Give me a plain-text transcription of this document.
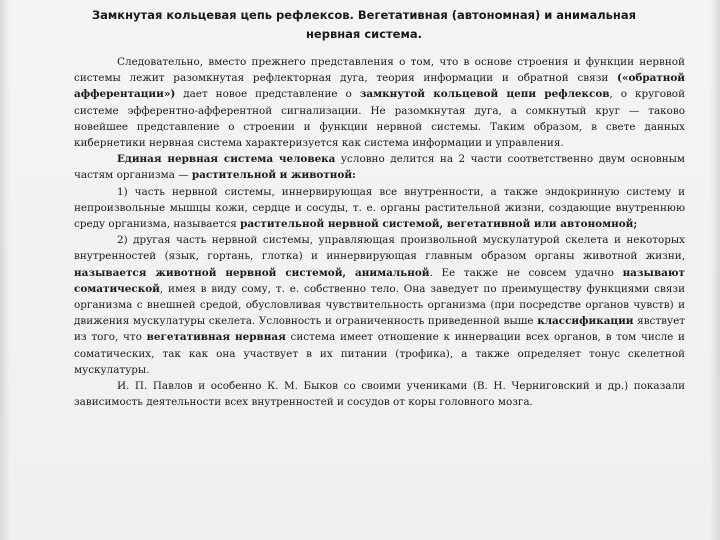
Замкнутая кольцевая цепь рефлексов. Вегетативная (автономная) и анимальная нервная система.

Следовательно, вместо прежнего представления о том, что в основе строения и функции нервной системы лежит разомкнутая рефлекторная дуга, теория информации и обратной связи («обратной афферентации») дает новое представление о замкнутой кольцевой цепи рефлексов, о круговой системе эфферентно-афферентной сигнализации. Не разомкнутая дуга, а сомкнутый круг — таково новейшее представление о строении и функции нервной системы. Таким образом, в свете данных кибернетики нервная система характеризуется как система информации и управления.

Единая нервная система человека условно делится на 2 части соответственно двум основным частям организма — растительной и животной:

1) часть нервной системы, иннервирующая все внутренности, а также эндокринную систему и непроизвольные мышцы кожи, сердце и сосуды, т. е. органы растительной жизни, создающие внутреннюю среду организма, называется растительной нервной системой, вегетативной или автономной;

2) другая часть нервной системы, управляющая произвольной мускулатурой скелета и некоторых внутренностей (язык, гортань, глотка) и иннервирующая главным образом органы животной жизни, называется животной нервной системой, анимальной. Ее также не совсем удачно называют соматической, имея в виду сому, т. е. собственно тело. Она заведует по преимуществу функциями связи организма с внешней средой, обусловливая чувствительность организма (при посредстве органов чувств) и движения мускулатуры скелета. Условность и ограниченность приведенной выше классификации явствует из того, что вегетативная нервная система имеет отношение к иннервации всех органов, в том числе и соматических, так как она участвует в их питании (трофика), а также определяет тонус скелетной мускулатуры.

И. П. Павлов и особенно К. М. Быков со своими учениками (В. Н. Черниговский и др.) показали зависимость деятельности всех внутренностей и сосудов от коры головного мозга.
